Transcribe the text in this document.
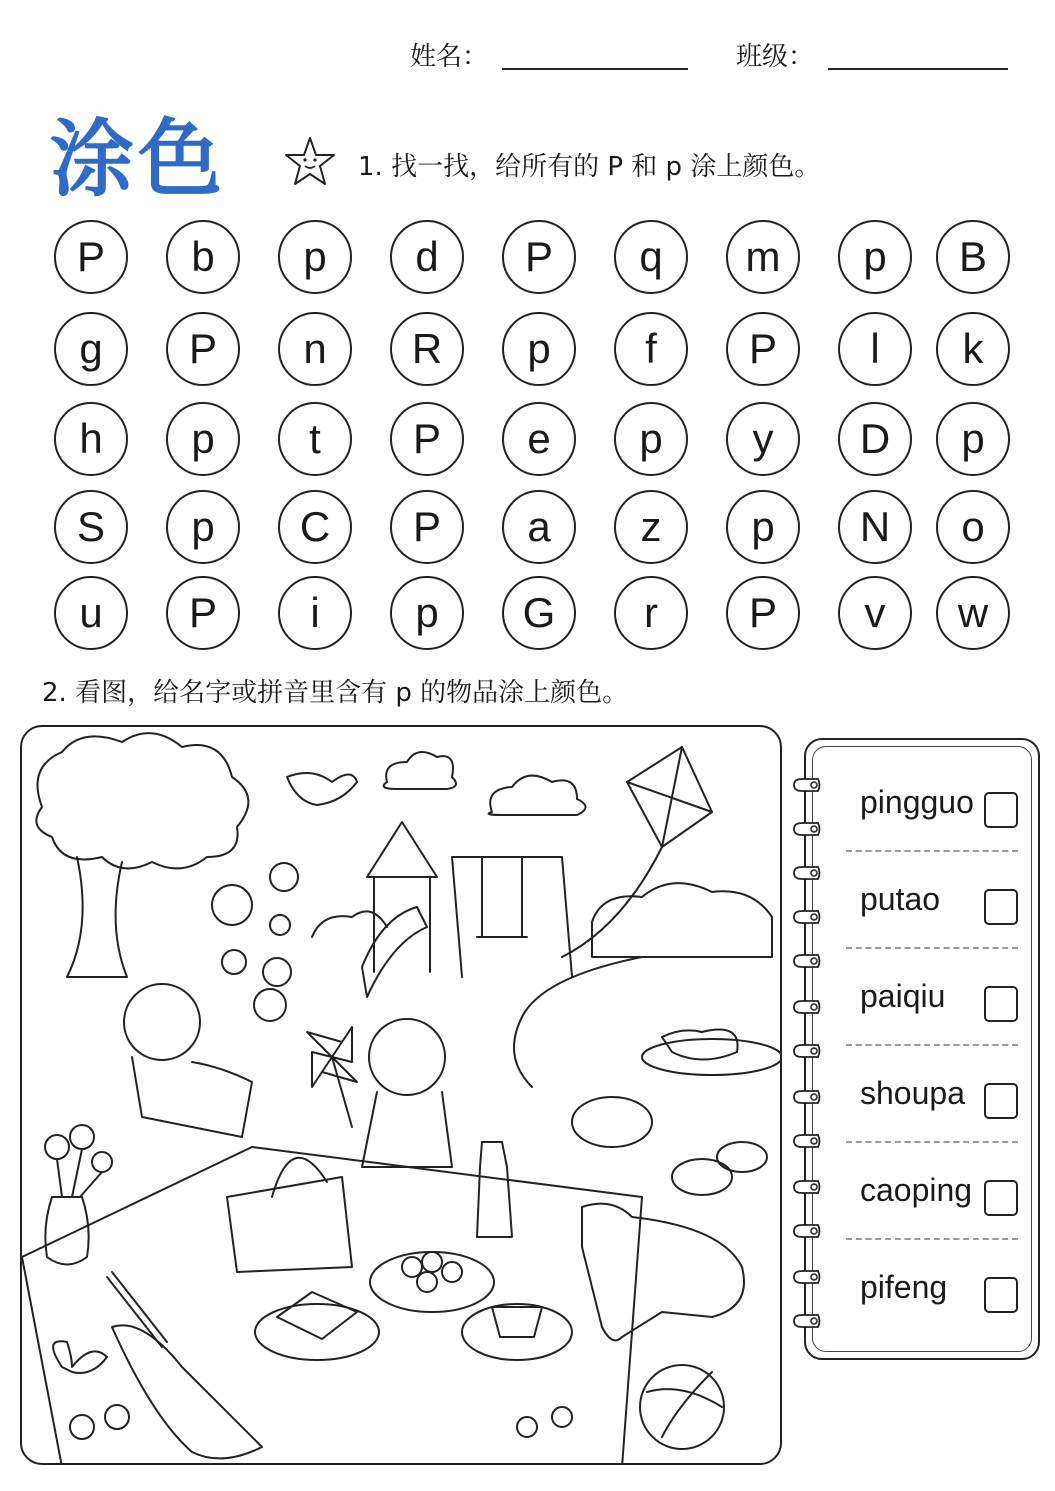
姓名：	班级：
涂色	1. 找一找，给所有的 P 和 p 涂上颜色。
P	b	p	d	P	q	m	p	B
g	P	n	R	p	f	P	l	k
h	p	t	P	e	p	y	D	p
S	p	C	P	a	z	p	N	o
u	P	i	p	G	r	P	v	w
2. 看图，给名字或拼音里含有 p 的物品涂上颜色。
pingguo
putao
paiqiu
shoupa
caoping
pifeng
